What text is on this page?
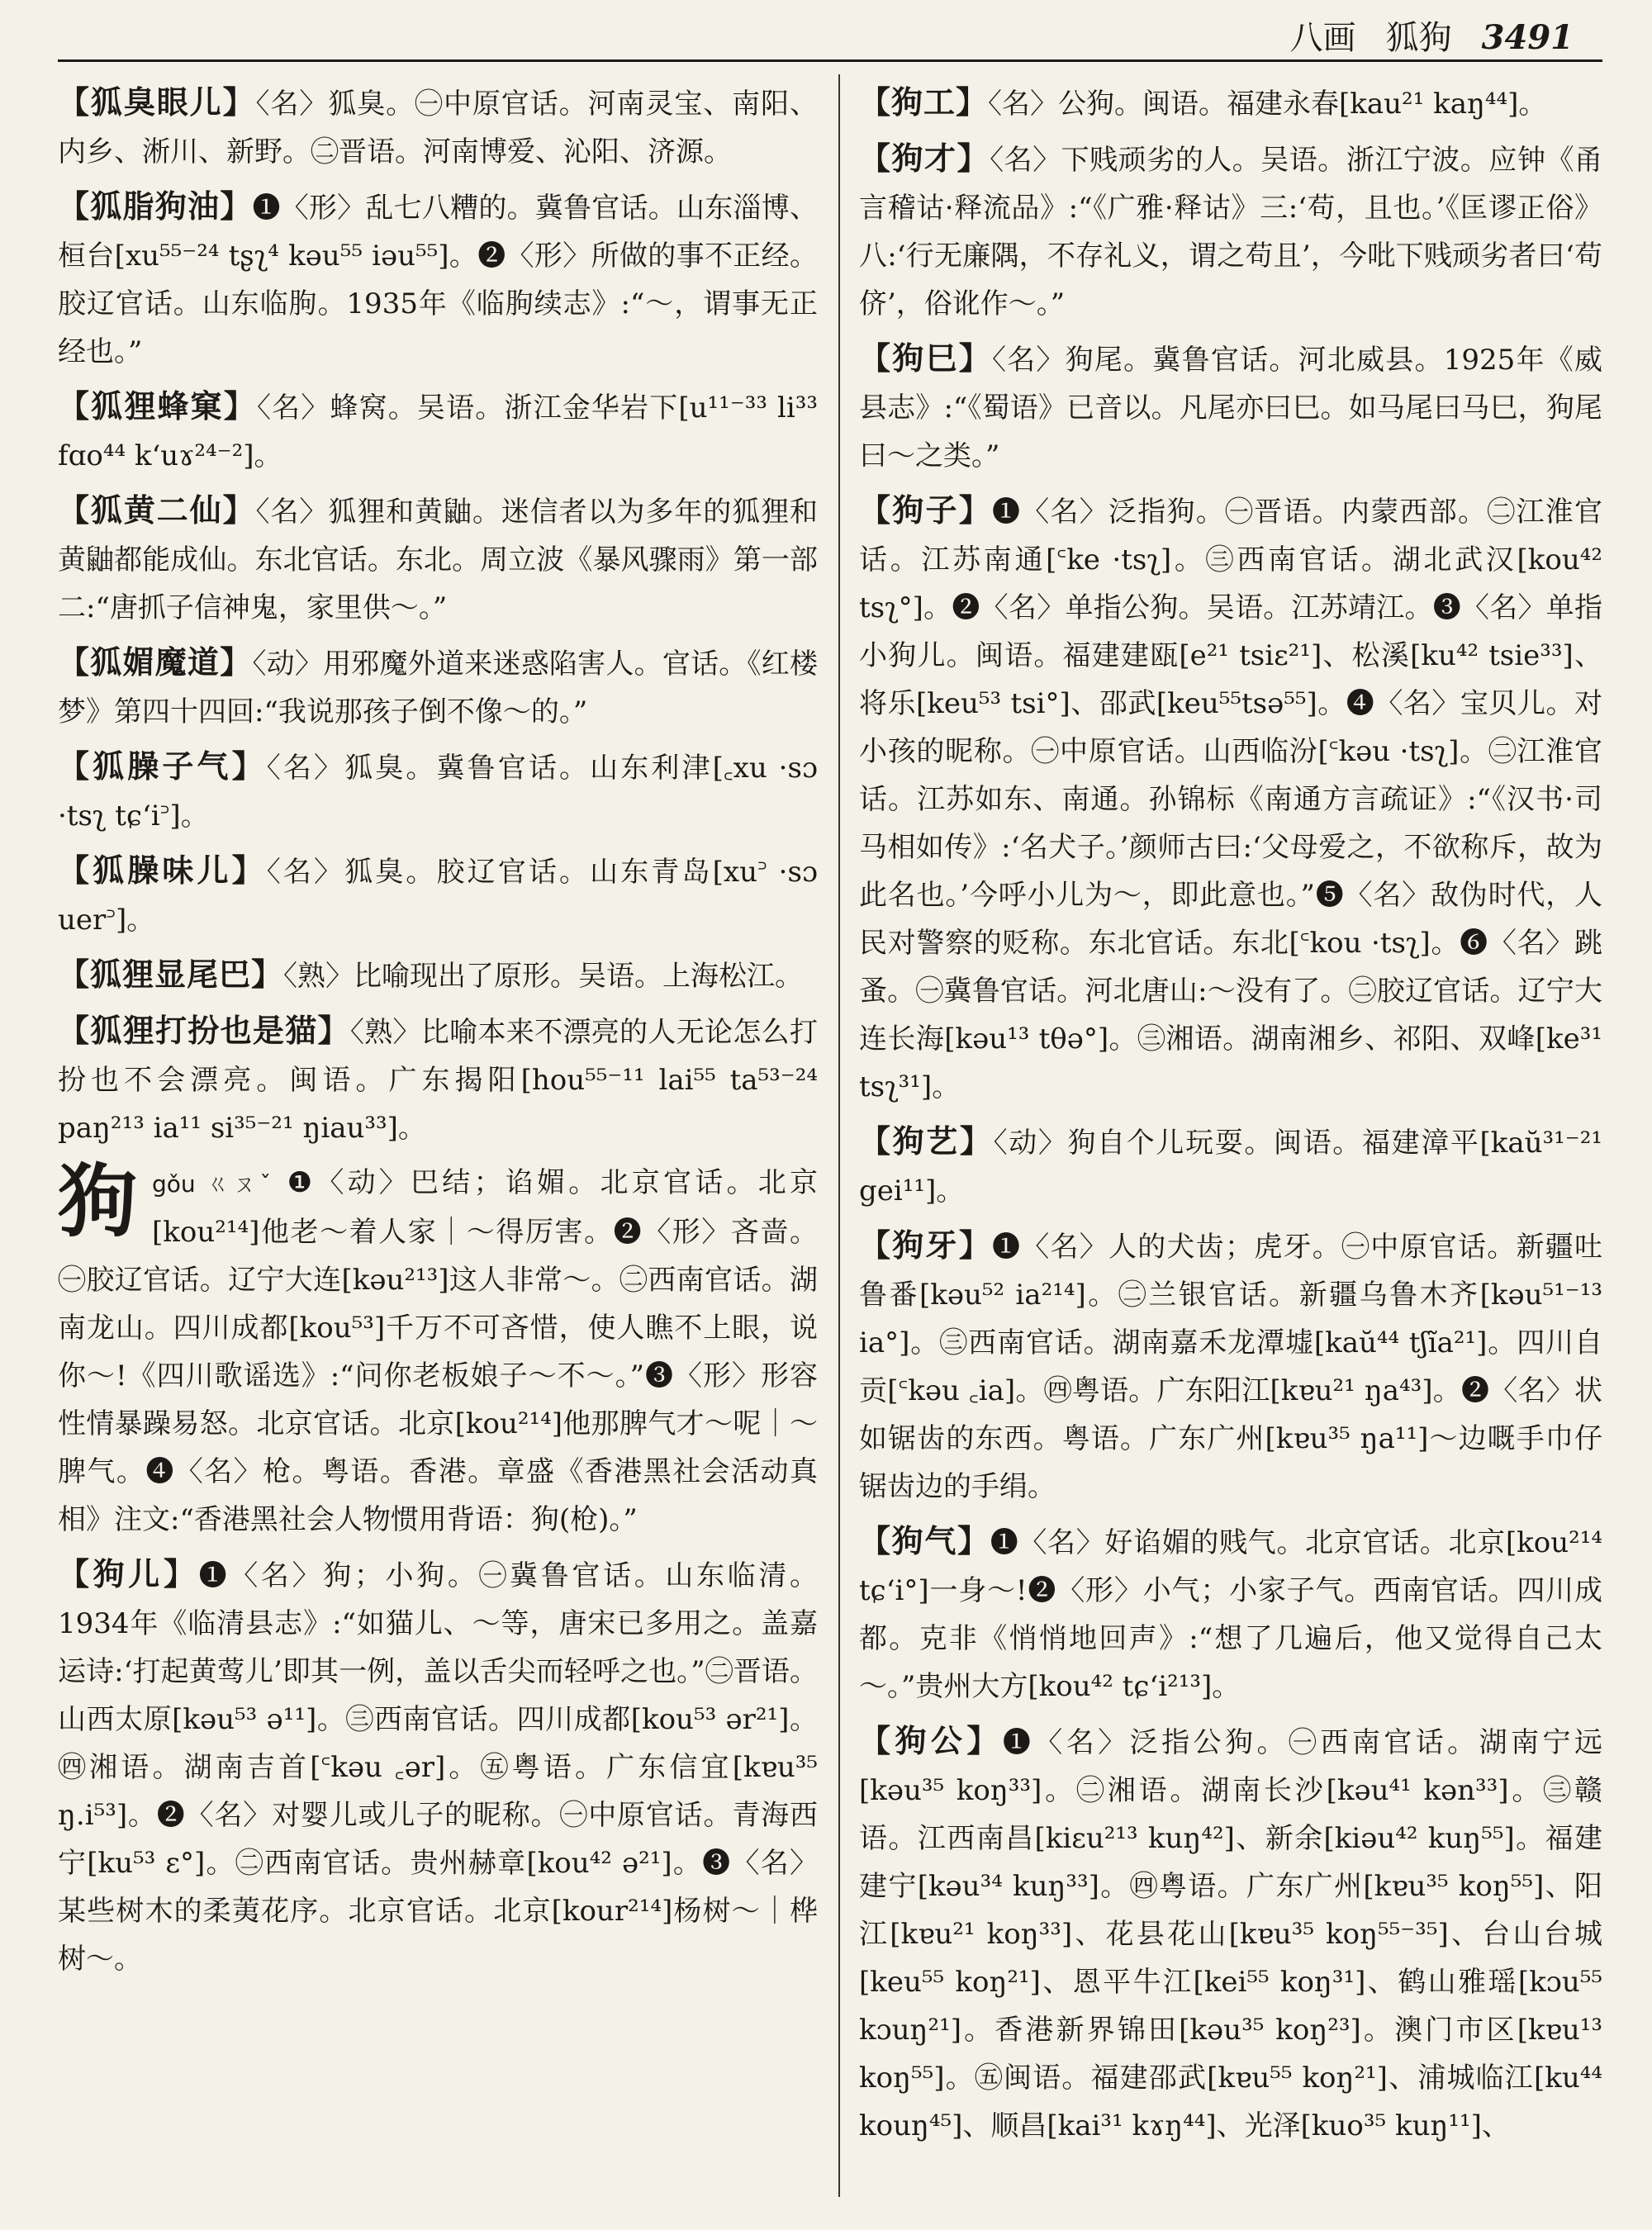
八画 狐狗 3491

【狐臭眼儿】〈名〉狐臭。㊀中原官话。河南灵宝、南阳、内乡、淅川、新野。㊁晋语。河南博爱、沁阳、济源。

【狐脂狗油】❶〈形〉乱七八糟的。冀鲁官话。山东淄博、桓台[xu⁵⁵⁻²⁴ tʂʅ⁴ kəu⁵⁵ iəu⁵⁵]。❷〈形〉所做的事不正经。胶辽官话。山东临朐。1935年《临朐续志》:“～，谓事无正经也。”

【狐狸蜂窠】〈名〉蜂窝。吴语。浙江金华岩下[u¹¹⁻³³ li³³ fɑo⁴⁴ k‘uɤ²⁴⁻²]。

【狐黄二仙】〈名〉狐狸和黄鼬。迷信者以为多年的狐狸和黄鼬都能成仙。东北官话。东北。周立波《暴风骤雨》第一部二:“唐抓子信神鬼，家里供～。”

【狐媚魔道】〈动〉用邪魔外道来迷惑陷害人。官话。《红楼梦》第四十四回:“我说那孩子倒不像～的。”

【狐臊子气】〈名〉狐臭。冀鲁官话。山东利津[꜀xu ·sɔ ·tsʅ tɕ‘i꜄]。

【狐臊味儿】〈名〉狐臭。胶辽官话。山东青岛[xu꜄ ·sɔ uer꜄]。

【狐狸显尾巴】〈熟〉比喻现出了原形。吴语。上海松江。

【狐狸打扮也是猫】〈熟〉比喻本来不漂亮的人无论怎么打扮也不会漂亮。闽语。广东揭阳[hou⁵⁵⁻¹¹ lai⁵⁵ ta⁵³⁻²⁴ paŋ²¹³ ia¹¹ si³⁵⁻²¹ ŋiau³³]。

狗 gǒu ㄍㄡˇ ❶〈动〉巴结；谄媚。北京官话。北京[kou²¹⁴]他老～着人家｜～得厉害。❷〈形〉吝啬。㊀胶辽官话。辽宁大连[kəu²¹³]这人非常～。㊁西南官话。湖南龙山。四川成都[kou⁵³]千万不可吝惜，使人瞧不上眼，说你～!《四川歌谣选》:“问你老板娘子～不～。”❸〈形〉形容性情暴躁易怒。北京官话。北京[kou²¹⁴]他那脾气才～呢｜～脾气。❹〈名〉枪。粤语。香港。章盛《香港黑社会活动真相》注文:“香港黑社会人物惯用背语：狗(枪)。”

【狗儿】❶〈名〉狗；小狗。㊀冀鲁官话。山东临清。1934年《临清县志》:“如猫儿、～等，唐宋已多用之。盖嘉运诗:‘打起黄莺儿’即其一例，盖以舌尖而轻呼之也。”㊁晋语。山西太原[kəu⁵³ ə¹¹]。㊂西南官话。四川成都[kou⁵³ ər²¹]。㊃湘语。湖南吉首[꜂kəu ꜀ər]。㊄粤语。广东信宜[kɐu³⁵ ŋ.i⁵³]。❷〈名〉对婴儿或儿子的昵称。㊀中原官话。青海西宁[ku⁵³ ɛ°]。㊁西南官话。贵州赫章[kou⁴² ə²¹]。❸〈名〉某些树木的柔荑花序。北京官话。北京[kour²¹⁴]杨树～｜桦树～。

【狗工】〈名〉公狗。闽语。福建永春[kau²¹ kaŋ⁴⁴]。

【狗才】〈名〉下贱顽劣的人。吴语。浙江宁波。应钟《甬言稽诂·释流品》:“《广雅·释诂》三:‘苟，且也。’《匡谬正俗》八:‘行无廉隅，不存礼义，谓之苟且’，今吡下贱顽劣者曰‘苟侪’，俗讹作～。”

【狗巳】〈名〉狗尾。冀鲁官话。河北威县。1925年《威县志》:“《蜀语》已音以。凡尾亦曰巳。如马尾曰马巳，狗尾曰～之类。”

【狗子】❶〈名〉泛指狗。㊀晋语。内蒙西部。㊁江淮官话。江苏南通[꜂ke ·tsʅ]。㊂西南官话。湖北武汉[kou⁴² tsʅ°]。❷〈名〉单指公狗。吴语。江苏靖江。❸〈名〉单指小狗儿。闽语。福建建瓯[e²¹ tsiɛ²¹]、松溪[ku⁴² tsie³³]、将乐[keu⁵³ tsi°]、邵武[keu⁵⁵tsə⁵⁵]。❹〈名〉宝贝儿。对小孩的昵称。㊀中原官话。山西临汾[꜂kəu ·tsʅ]。㊁江淮官话。江苏如东、南通。孙锦标《南通方言疏证》:“《汉书·司马相如传》:‘名犬子。’颜师古曰:‘父母爱之，不欲称斥，故为此名也。’今呼小儿为～，即此意也。”❺〈名〉敌伪时代，人民对警察的贬称。东北官话。东北[꜂kou ·tsʅ]。❻〈名〉跳蚤。㊀冀鲁官话。河北唐山:～没有了。㊁胶辽官话。辽宁大连长海[kəu¹³ tθə°]。㊂湘语。湖南湘乡、祁阳、双峰[ke³¹ tsʅ³¹]。

【狗艺】〈动〉狗自个儿玩耍。闽语。福建漳平[kaŭ³¹⁻²¹ gei¹¹]。

【狗牙】❶〈名〉人的犬齿；虎牙。㊀中原官话。新疆吐鲁番[kəu⁵² ia²¹⁴]。㊁兰银官话。新疆乌鲁木齐[kəu⁵¹⁻¹³ ia°]。㊂西南官话。湖南嘉禾龙潭墟[kaŭ⁴⁴ tʃĩa²¹]。四川自贡[꜂kəu ꜀ia]。㊃粤语。广东阳江[kɐu²¹ ŋa⁴³]。❷〈名〉状如锯齿的东西。粤语。广东广州[kɐu³⁵ ŋa¹¹]～边嘅手巾仔锯齿边的手绢。

【狗气】❶〈名〉好谄媚的贱气。北京官话。北京[kou²¹⁴ tɕ‘i°]一身～!❷〈形〉小气；小家子气。西南官话。四川成都。克非《悄悄地回声》:“想了几遍后，他又觉得自己太～。”贵州大方[kou⁴² tɕ‘i²¹³]。

【狗公】❶〈名〉泛指公狗。㊀西南官话。湖南宁远[kəu³⁵ koŋ³³]。㊁湘语。湖南长沙[kəu⁴¹ kən³³]。㊂赣语。江西南昌[kiɛu²¹³ kuŋ⁴²]、新余[kiəu⁴² kuŋ⁵⁵]。福建建宁[kəu³⁴ kuŋ³³]。㊃粤语。广东广州[kɐu³⁵ koŋ⁵⁵]、阳江[kɐu²¹ koŋ³³]、花县花山[kɐu³⁵ koŋ⁵⁵⁻³⁵]、台山台城[keu⁵⁵ koŋ²¹]、恩平牛江[kei⁵⁵ koŋ³¹]、鹤山雅瑶[kɔu⁵⁵ kɔuŋ²¹]。香港新界锦田[kəu³⁵ koŋ²³]。澳门市区[kɐu¹³ koŋ⁵⁵]。㊄闽语。福建邵武[kɐu⁵⁵ koŋ²¹]、浦城临江[ku⁴⁴ kouŋ⁴⁵]、顺昌[kai³¹ kɤŋ⁴⁴]、光泽[kuo³⁵ kuŋ¹¹]、
